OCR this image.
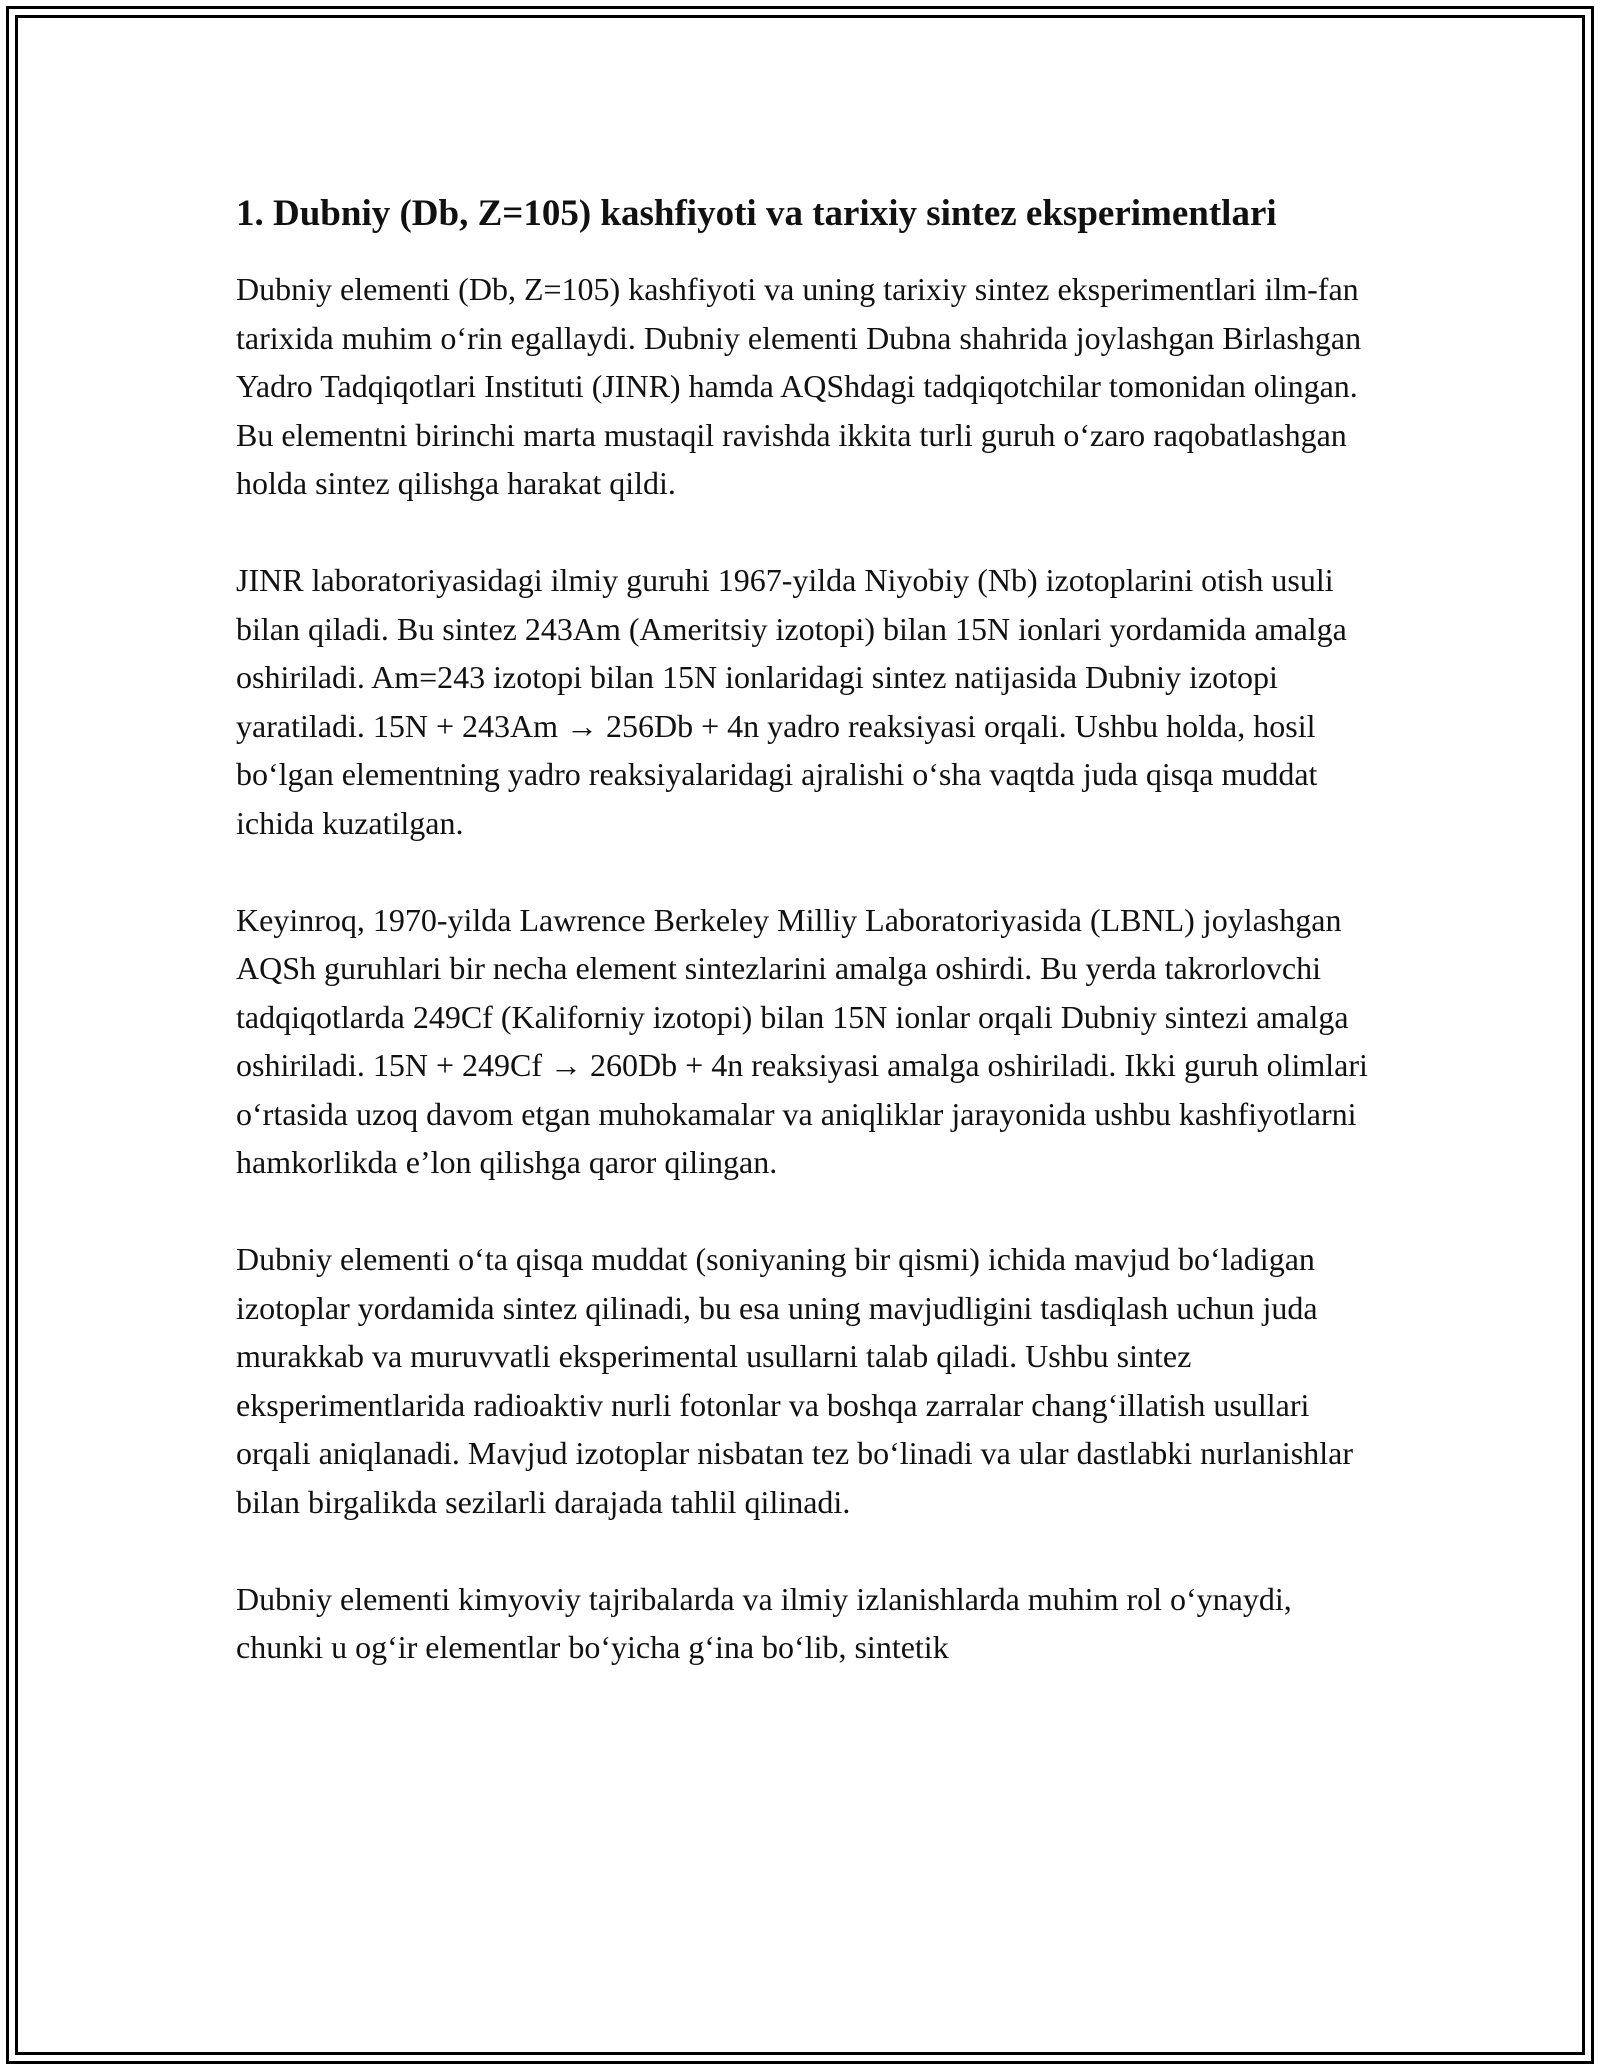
1. Dubniy (Db, Z=105) kashfiyoti va tarixiy sintez eksperimentlari

Dubniy elementi (Db, Z=105) kashfiyoti va uning tarixiy sintez eksperimentlari ilm-fan tarixida muhim o‘rin egallaydi. Dubniy elementi Dubna shahrida joylashgan Birlashgan Yadro Tadqiqotlari Instituti (JINR) hamda AQShdagi tadqiqotchilar tomonidan olingan. Bu elementni birinchi marta mustaqil ravishda ikkita turli guruh o‘zaro raqobatlashgan holda sintez qilishga harakat qildi.

JINR laboratoriyasidagi ilmiy guruhi 1967-yilda Niyobiy (Nb) izotoplarini otish usuli bilan qiladi. Bu sintez 243Am (Ameritsiy izotopi) bilan 15N ionlari yordamida amalga oshiriladi. Am=243 izotopi bilan 15N ionlaridagi sintez natijasida Dubniy izotopi yaratiladi. 15N + 243Am → 256Db + 4n yadro reaksiyasi orqali. Ushbu holda, hosil bo‘lgan elementning yadro reaksiyalaridagi ajralishi o‘sha vaqtda juda qisqa muddat ichida kuzatilgan.

Keyinroq, 1970-yilda Lawrence Berkeley Milliy Laboratoriyasida (LBNL) joylashgan AQSh guruhlari bir necha element sintezlarini amalga oshirdi. Bu yerda takrorlovchi tadqiqotlarda 249Cf (Kaliforniy izotopi) bilan 15N ionlar orqali Dubniy sintezi amalga oshiriladi. 15N + 249Cf → 260Db + 4n reaksiyasi amalga oshiriladi. Ikki guruh olimlari o‘rtasida uzoq davom etgan muhokamalar va aniqliklar jarayonida ushbu kashfiyotlarni hamkorlikda e’lon qilishga qaror qilingan.

Dubniy elementi o‘ta qisqa muddat (soniyaning bir qismi) ichida mavjud bo‘ladigan izotoplar yordamida sintez qilinadi, bu esa uning mavjudligini tasdiqlash uchun juda murakkab va muruvvatli eksperimental usullarni talab qiladi. Ushbu sintez eksperimentlarida radioaktiv nurli fotonlar va boshqa zarralar chang‘illatish usullari orqali aniqlanadi. Mavjud izotoplar nisbatan tez bo‘linadi va ular dastlabki nurlanishlar bilan birgalikda sezilarli darajada tahlil qilinadi.

Dubniy elementi kimyoviy tajribalarda va ilmiy izlanishlarda muhim rol o‘ynaydi, chunki u og‘ir elementlar bo‘yicha g‘ina bo‘lib, sintetik
